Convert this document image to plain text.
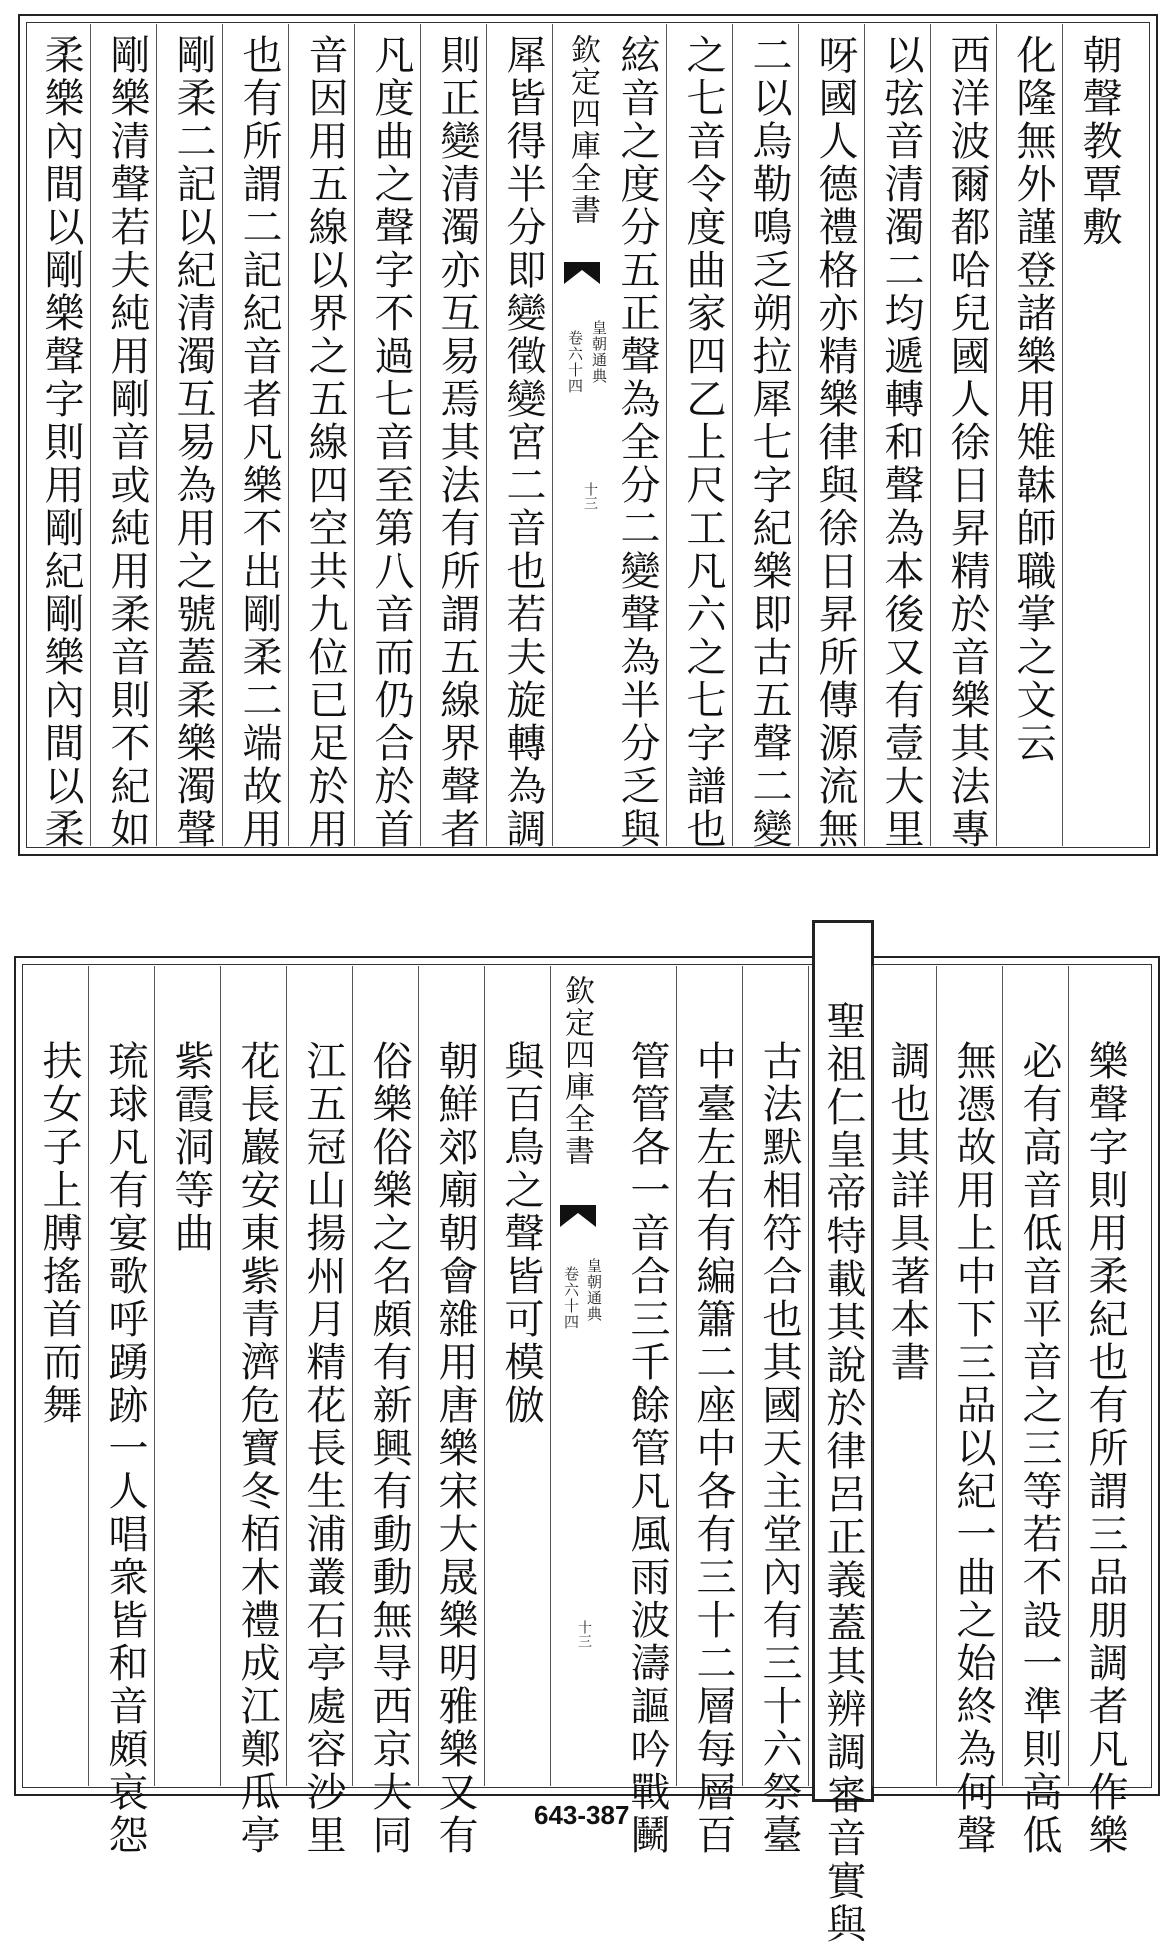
朝聲教覃敷
化隆無外謹登諸樂用雉韎師職掌之文云
西洋波爾都哈兒國人徐日昇精於音樂其法專
以弦音清濁二均遞轉和聲為本後又有壹大里
呀國人德禮格亦精樂律與徐日昇所傳源流無
二以烏勒鳴乏朔拉犀七字紀樂即古五聲二變
之七音令度曲家四乙上尺工凡六之七字譜也
絃音之度分五正聲為全分二變聲為半分乏與
犀皆得半分即變徵變宮二音也若夫旋轉為調
則正變清濁亦互易焉其法有所謂五線界聲者
凡度曲之聲字不過七音至第八音而仍合於首
音因用五線以界之五線四空共九位已足於用
也有所謂二記紀音者凡樂不出剛柔二端故用
剛柔二記以紀清濁互易為用之號蓋柔樂濁聲
剛樂清聲若夫純用剛音或純用柔音則不紀如
柔樂內間以剛樂聲字則用剛紀剛樂內間以柔
樂聲字則用柔紀也有所謂三品朋調者凡作樂
必有高音低音平音之三等若不設一準則高低
無憑故用上中下三品以紀一曲之始終為何聲
調也其詳具著本書
聖祖仁皇帝特載其說於律呂正義蓋其辨調審音實與
古法默相符合也其國天主堂內有三十六祭臺
中臺左右有編簫二座中各有三十二層每層百
管管各一音合三千餘管凡風雨波濤謳吟戰鬭
與百鳥之聲皆可模倣
朝鮮郊廟朝會雜用唐樂宋大晟樂明雅樂又有
俗樂俗樂之名頗有新興有動動無㝵西京大同
江五冠山揚州月精花長生浦叢石亭處容沙里
花長巖安東紫青濟危寶冬栢木禮成江鄭瓜亭
紫霞洞等曲
琉球凡有宴歌呼踴跡一人唱衆皆和音頗哀怨
扶女子上膊搖首而舞
欽定四庫全書
皇朝通典
卷六十四
十三
欽定四庫全書
皇朝通典
卷六十四
十三
643-387
